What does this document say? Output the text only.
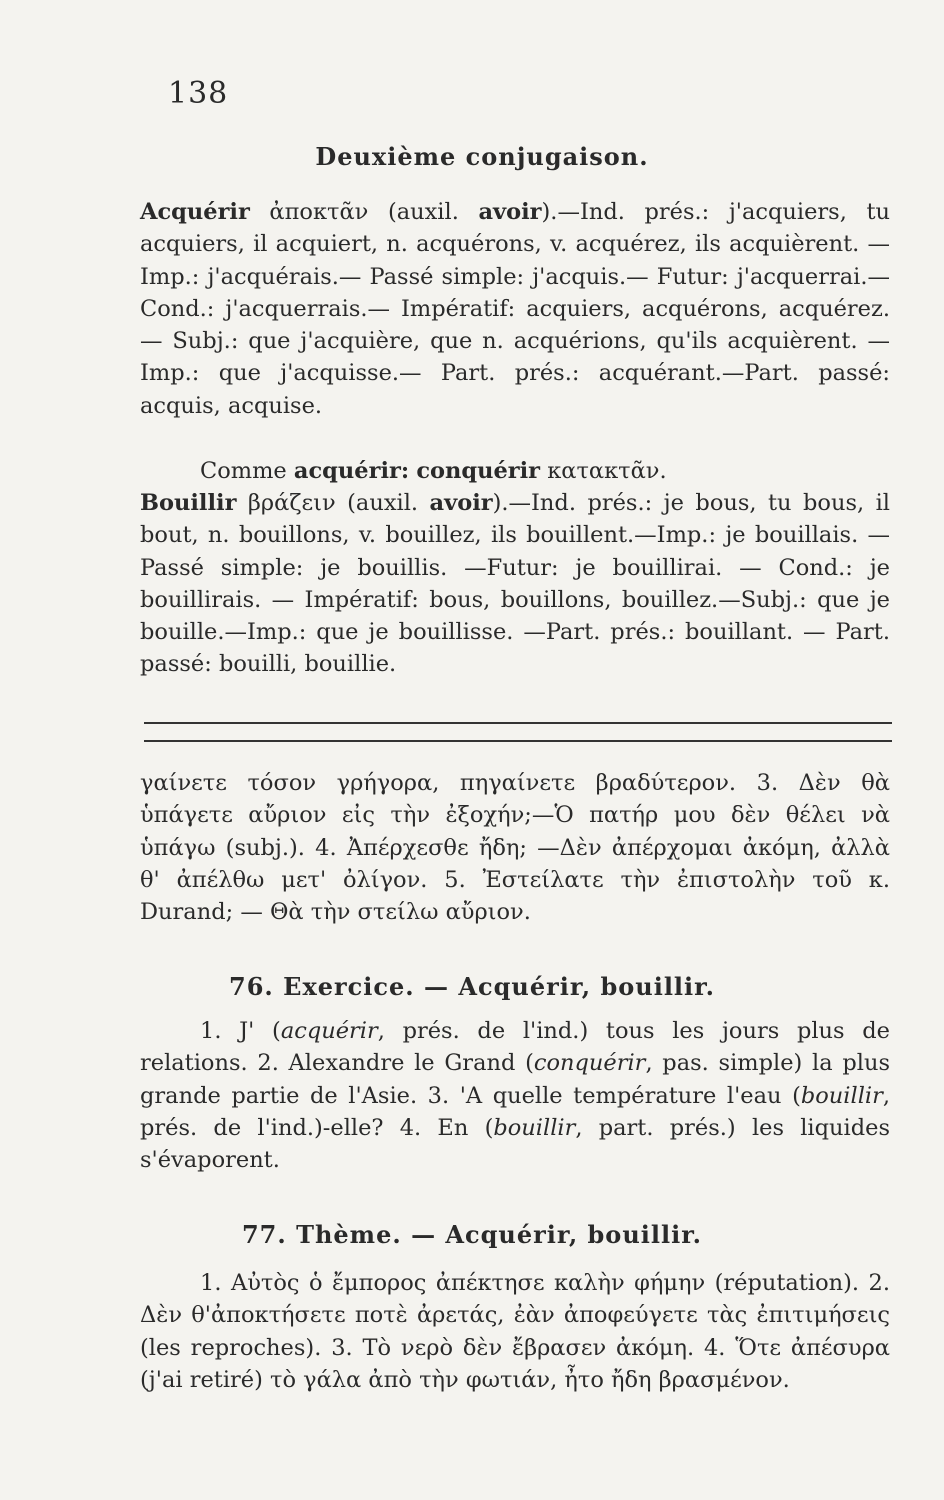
138
Deuxième conjugaison.

Acquérir ἀποκτᾶν (auxil. avoir).—Ind. prés.: j'acquiers, tu acquiers, il acquiert, n. acquérons, v. acquérez, ils acquièrent. — Imp.: j'acquérais.— Passé simple: j'acquis.— Futur: j'acquerrai.— Cond.: j'acquerrais.— Impératif: acquiers, acquérons, acquérez.— Subj.: que j'acquière, que n. acquérions, qu'ils acquièrent. — Imp.: que j'acquisse.— Part. prés.: acquérant.—Part. passé: acquis, acquise.

Comme acquérir: conquérir κατακτᾶν.

Bouillir βράζειν (auxil. avoir).—Ind. prés.: je bous, tu bous, il bout, n. bouillons, v. bouillez, ils bouillent.—Imp.: je bouillais. — Passé simple: je bouillis. —Futur: je bouillirai. — Cond.: je bouillirais. — Impératif: bous, bouillons, bouillez.—Subj.: que je bouille.—Imp.: que je bouillisse. —Part. prés.: bouillant. — Part. passé: bouilli, bouillie.

γαίνετε τόσον γρήγορα, πηγαίνετε βραδύτερον. 3. Δὲν θὰ ὑπάγετε αὔριον εἰς τὴν ἐξοχήν;—Ὁ πατήρ μου δὲν θέλει νὰ ὑπάγω (subj.). 4. Ἀπέρχεσθε ἤδη; —Δὲν ἀπέρχομαι ἀκόμη, ἀλλὰ θ' ἀπέλθω μετ' ὀλίγον. 5. Ἐστείλατε τὴν ἐπιστολὴν τοῦ κ. Durand; — Θὰ τὴν στείλω αὔριον.

76. Exercice. — Acquérir, bouillir.

1. J' (acquérir, prés. de l'ind.) tous les jours plus de relations. 2. Alexandre le Grand (conquérir, pas. simple) la plus grande partie de l'Asie. 3. 'A quelle température l'eau (bouillir, prés. de l'ind.)-elle? 4. En (bouillir, part. prés.) les liquides s'évaporent.

77. Thème. — Acquérir, bouillir.

1. Αὐτὸς ὁ ἔμπορος ἀπέκτησε καλὴν φήμην (réputation). 2. Δὲν θ'ἀποκτήσετε ποτὲ ἀρετάς, ἐὰν ἀποφεύγετε τὰς ἐπιτιμήσεις (les reproches). 3. Τὸ νερὸ δὲν ἔβρασεν ἀκόμη. 4. Ὅτε ἀπέσυρα (j'ai retiré) τὸ γάλα ἀπὸ τὴν φωτιάν, ἦτο ἤδη βρασμένον.
